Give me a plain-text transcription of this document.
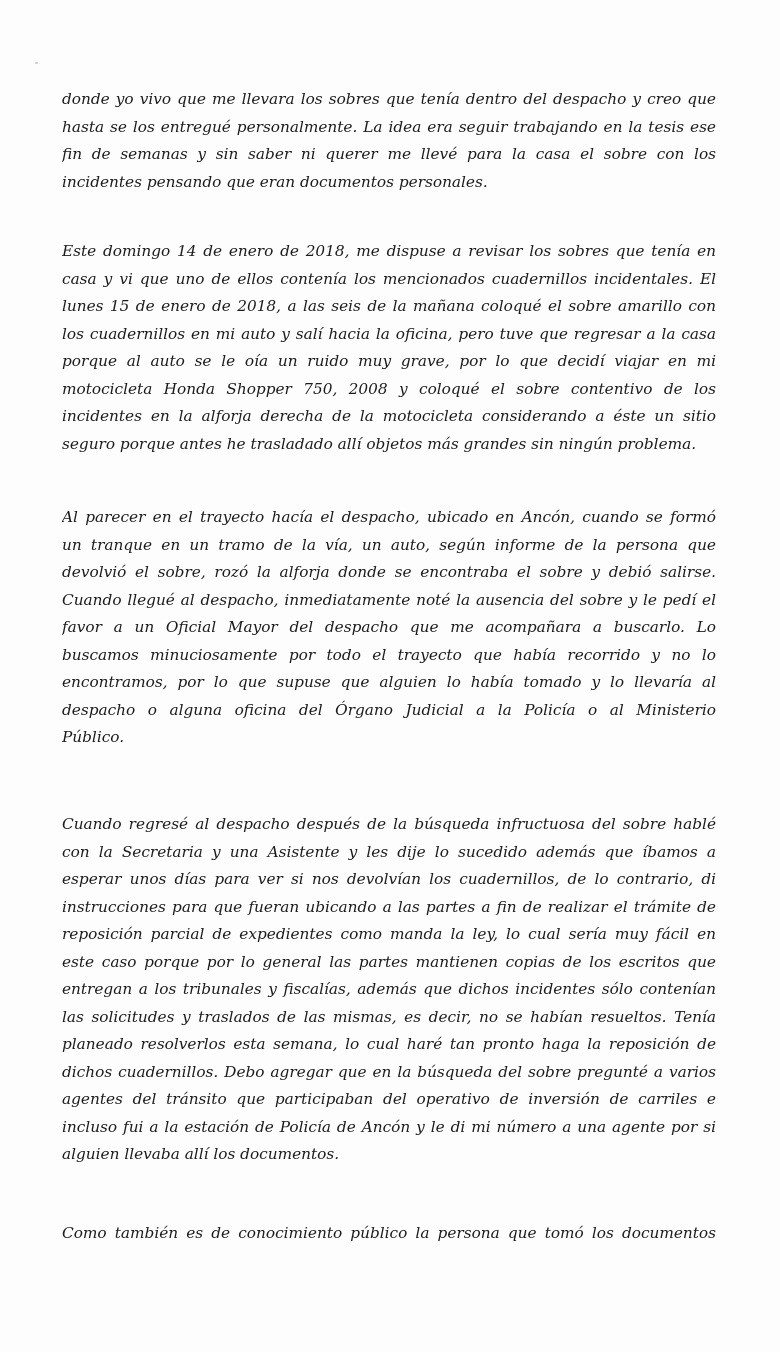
donde yo vivo que me llevara los sobres que tenía dentro del despacho y creo que
hasta se los entregué personalmente. La idea era seguir trabajando en la tesis ese
fin de semanas y sin saber ni querer me llevé para la casa el sobre con los
incidentes pensando que eran documentos personales.
Este domingo 14 de enero de 2018, me dispuse a revisar los sobres que tenía en
casa y vi que uno de ellos contenía los mencionados cuadernillos incidentales. El
lunes 15 de enero de 2018, a las seis de la mañana coloqué el sobre amarillo con
los cuadernillos en mi auto y salí hacia la oficina, pero tuve que regresar a la casa
porque al auto se le oía un ruido muy grave, por lo que decidí viajar en mi
motocicleta Honda Shopper 750, 2008 y coloqué el sobre contentivo de los
incidentes en la alforja derecha de la motocicleta considerando a éste un sitio
seguro porque antes he trasladado allí objetos más grandes sin ningún problema.
Al parecer en el trayecto hacía el despacho, ubicado en Ancón, cuando se formó
un tranque en un tramo de la vía, un auto, según informe de la persona que
devolvió el sobre, rozó la alforja donde se encontraba el sobre y debió salirse.
Cuando llegué al despacho, inmediatamente noté la ausencia del sobre y le pedí el
favor a un Oficial Mayor del despacho que me acompañara a buscarlo. Lo
buscamos minuciosamente por todo el trayecto que había recorrido y no lo
encontramos, por lo que supuse que alguien lo había tomado y lo llevaría al
despacho o alguna oficina del Órgano Judicial a la Policía o al Ministerio
Público.
Cuando regresé al despacho después de la búsqueda infructuosa del sobre hablé
con la Secretaria y una Asistente y les dije lo sucedido además que íbamos a
esperar unos días para ver si nos devolvían los cuadernillos, de lo contrario, di
instrucciones para que fueran ubicando a las partes a fin de realizar el trámite de
reposición parcial de expedientes como manda la ley, lo cual sería muy fácil en
este caso porque por lo general las partes mantienen copias de los escritos que
entregan a los tribunales y fiscalías, además que dichos incidentes sólo contenían
las solicitudes y traslados de las mismas, es decir, no se habían resueltos. Tenía
planeado resolverlos esta semana, lo cual haré tan pronto haga la reposición de
dichos cuadernillos. Debo agregar que en la búsqueda del sobre pregunté a varios
agentes del tránsito que participaban del operativo de inversión de carriles e
incluso fui a la estación de Policía de Ancón y le di mi número a una agente por si
alguien llevaba allí los documentos.
Como también es de conocimiento público la persona que tomó los documentos
